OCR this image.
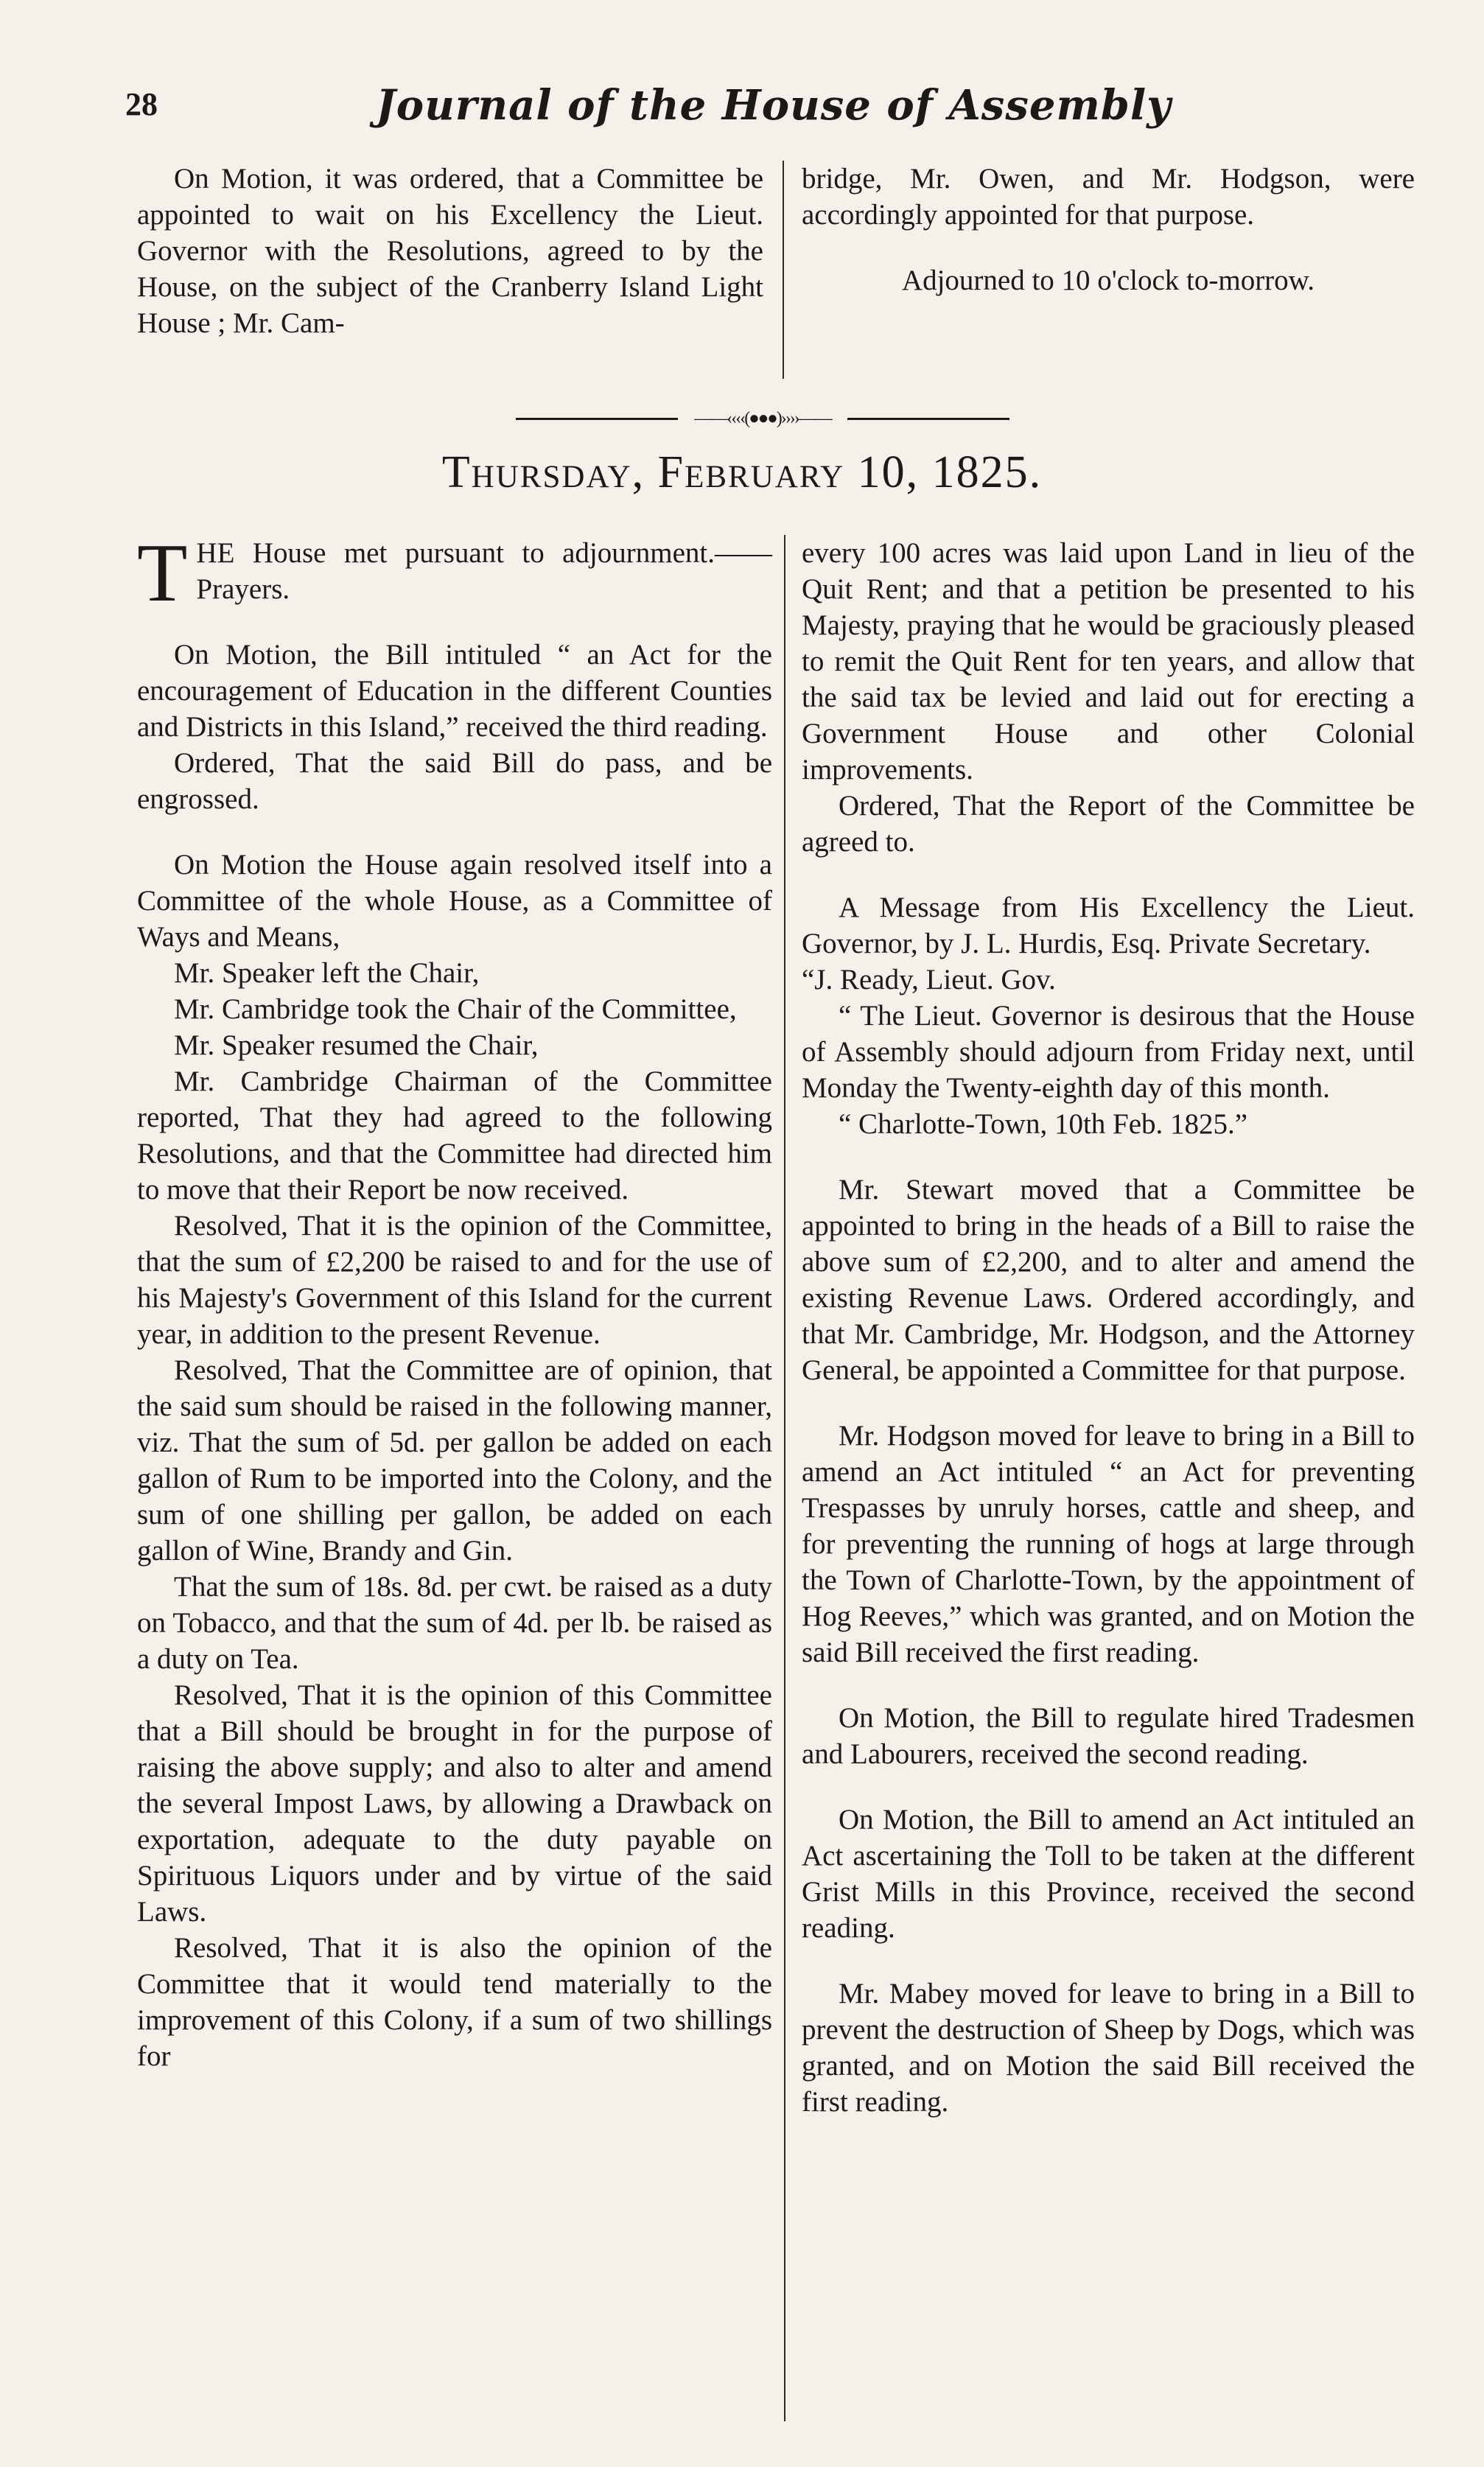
28	Journal of the House of Assembly

On Motion, it was ordered, that a Committee be appointed to wait on his Excellency the Lieut. Governor with the Resolutions, agreed to by the House, on the subject of the Cranberry Island Light House ; Mr. Cam-

bridge, Mr. Owen, and Mr. Hodgson, were accordingly appointed for that purpose.

Adjourned to 10 o'clock to-morrow.

——‹‹‹‹(●●●)››››——
Thursday, February 10, 1825.

THE House met pursuant to adjournment.——Prayers.

On Motion, the Bill intituled “ an Act for the encouragement of Education in the different Counties and Districts in this Island,” received the third reading.

Ordered, That the said Bill do pass, and be engrossed.

On Motion the House again resolved itself into a Committee of the whole House, as a Committee of Ways and Means,

Mr. Speaker left the Chair,

Mr. Cambridge took the Chair of the Committee,

Mr. Speaker resumed the Chair,

Mr. Cambridge Chairman of the Committee reported, That they had agreed to the following Resolutions, and that the Committee had directed him to move that their Report be now received.

Resolved, That it is the opinion of the Committee, that the sum of £2,200 be raised to and for the use of his Majesty's Government of this Island for the current year, in addition to the present Revenue.

Resolved, That the Committee are of opinion, that the said sum should be raised in the following manner, viz. That the sum of 5d. per gallon be added on each gallon of Rum to be imported into the Colony, and the sum of one shilling per gallon, be added on each gallon of Wine, Brandy and Gin.

That the sum of 18s. 8d. per cwt. be raised as a duty on Tobacco, and that the sum of 4d. per lb. be raised as a duty on Tea.

Resolved, That it is the opinion of this Committee that a Bill should be brought in for the purpose of raising the above supply; and also to alter and amend the several Impost Laws, by allowing a Drawback on exportation, adequate to the duty payable on Spirituous Liquors under and by virtue of the said Laws.

Resolved, That it is also the opinion of the Committee that it would tend materially to the improvement of this Colony, if a sum of two shillings for

every 100 acres was laid upon Land in lieu of the Quit Rent; and that a petition be presented to his Majesty, praying that he would be graciously pleased to remit the Quit Rent for ten years, and allow that the said tax be levied and laid out for erecting a Government House and other Colonial improvements.

Ordered, That the Report of the Committee be agreed to.

A Message from His Excellency the Lieut. Governor, by J. L. Hurdis, Esq. Private Secretary.

“J. Ready, Lieut. Gov.

“ The Lieut. Governor is desirous that the House of Assembly should adjourn from Friday next, until Monday the Twenty-eighth day of this month.

“ Charlotte-Town, 10th Feb. 1825.”

Mr. Stewart moved that a Committee be appointed to bring in the heads of a Bill to raise the above sum of £2,200, and to alter and amend the existing Revenue Laws. Ordered accordingly, and that Mr. Cambridge, Mr. Hodgson, and the Attorney General, be appointed a Committee for that purpose.

Mr. Hodgson moved for leave to bring in a Bill to amend an Act intituled “ an Act for preventing Trespasses by unruly horses, cattle and sheep, and for preventing the running of hogs at large through the Town of Charlotte-Town, by the appointment of Hog Reeves,” which was granted, and on Motion the said Bill received the first reading.

On Motion, the Bill to regulate hired Tradesmen and Labourers, received the second reading.

On Motion, the Bill to amend an Act intituled an Act ascertaining the Toll to be taken at the different Grist Mills in this Province, received the second reading.

Mr. Mabey moved for leave to bring in a Bill to prevent the destruction of Sheep by Dogs, which was granted, and on Motion the said Bill received the first reading.
